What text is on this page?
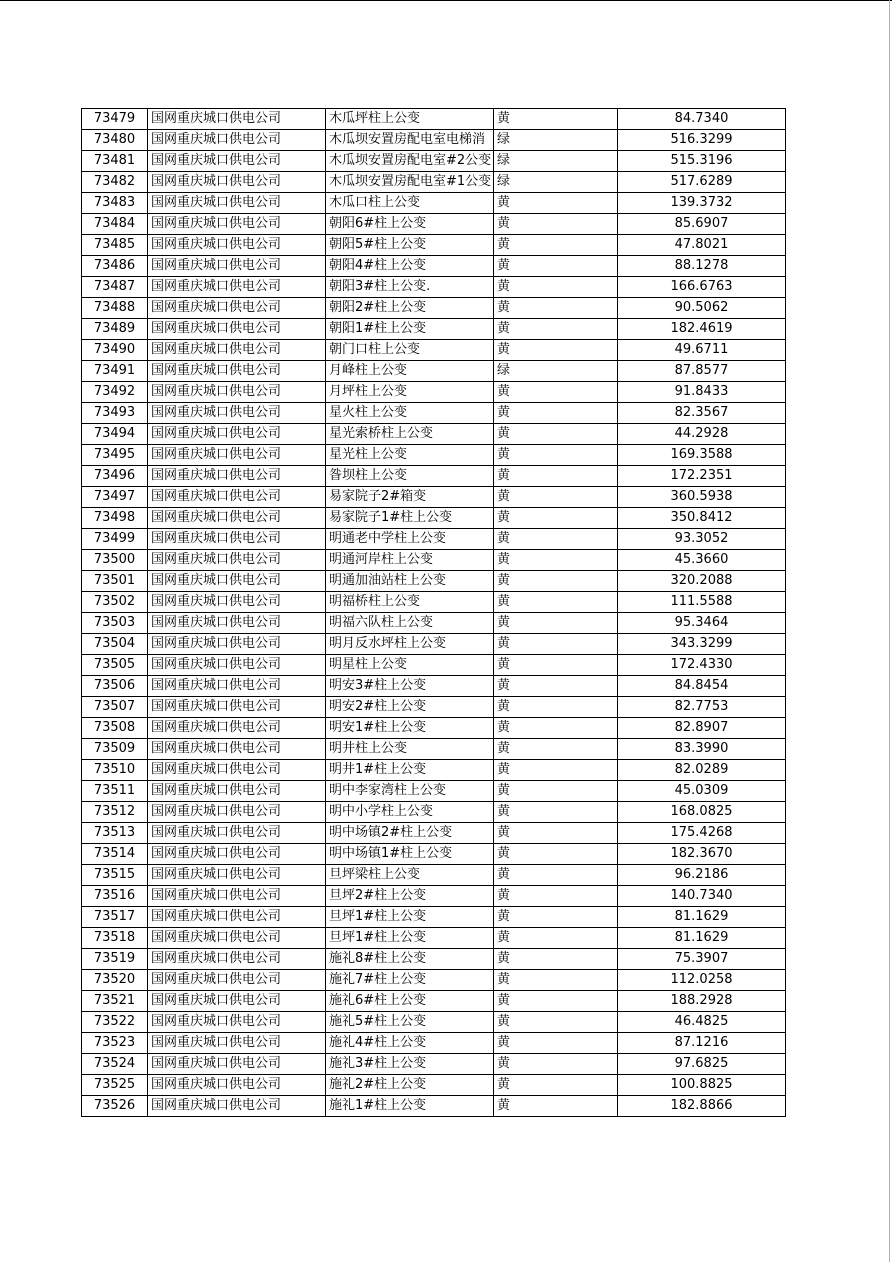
73479	国网重庆城口供电公司	木瓜坪柱上公变	黄	84.7340
73480	国网重庆城口供电公司	木瓜坝安置房配电室电梯消	绿	516.3299
73481	国网重庆城口供电公司	木瓜坝安置房配电室#2公变	绿	515.3196
73482	国网重庆城口供电公司	木瓜坝安置房配电室#1公变	绿	517.6289
73483	国网重庆城口供电公司	木瓜口柱上公变	黄	139.3732
73484	国网重庆城口供电公司	朝阳6#柱上公变	黄	85.6907
73485	国网重庆城口供电公司	朝阳5#柱上公变	黄	47.8021
73486	国网重庆城口供电公司	朝阳4#柱上公变	黄	88.1278
73487	国网重庆城口供电公司	朝阳3#柱上公变.	黄	166.6763
73488	国网重庆城口供电公司	朝阳2#柱上公变	黄	90.5062
73489	国网重庆城口供电公司	朝阳1#柱上公变	黄	182.4619
73490	国网重庆城口供电公司	朝门口柱上公变	黄	49.6711
73491	国网重庆城口供电公司	月峰柱上公变	绿	87.8577
73492	国网重庆城口供电公司	月坪柱上公变	黄	91.8433
73493	国网重庆城口供电公司	星火柱上公变	黄	82.3567
73494	国网重庆城口供电公司	星光索桥柱上公变	黄	44.2928
73495	国网重庆城口供电公司	星光柱上公变	黄	169.3588
73496	国网重庆城口供电公司	昝坝柱上公变	黄	172.2351
73497	国网重庆城口供电公司	易家院子2#箱变	黄	360.5938
73498	国网重庆城口供电公司	易家院子1#柱上公变	黄	350.8412
73499	国网重庆城口供电公司	明通老中学柱上公变	黄	93.3052
73500	国网重庆城口供电公司	明通河岸柱上公变	黄	45.3660
73501	国网重庆城口供电公司	明通加油站柱上公变	黄	320.2088
73502	国网重庆城口供电公司	明福桥柱上公变	黄	111.5588
73503	国网重庆城口供电公司	明福六队柱上公变	黄	95.3464
73504	国网重庆城口供电公司	明月反水坪柱上公变	黄	343.3299
73505	国网重庆城口供电公司	明星柱上公变	黄	172.4330
73506	国网重庆城口供电公司	明安3#柱上公变	黄	84.8454
73507	国网重庆城口供电公司	明安2#柱上公变	黄	82.7753
73508	国网重庆城口供电公司	明安1#柱上公变	黄	82.8907
73509	国网重庆城口供电公司	明井柱上公变	黄	83.3990
73510	国网重庆城口供电公司	明井1#柱上公变	黄	82.0289
73511	国网重庆城口供电公司	明中李家湾柱上公变	黄	45.0309
73512	国网重庆城口供电公司	明中小学柱上公变	黄	168.0825
73513	国网重庆城口供电公司	明中场镇2#柱上公变	黄	175.4268
73514	国网重庆城口供电公司	明中场镇1#柱上公变	黄	182.3670
73515	国网重庆城口供电公司	旦坪梁柱上公变	黄	96.2186
73516	国网重庆城口供电公司	旦坪2#柱上公变	黄	140.7340
73517	国网重庆城口供电公司	旦坪1#柱上公变	黄	81.1629
73518	国网重庆城口供电公司	旦坪1#柱上公变	黄	81.1629
73519	国网重庆城口供电公司	施礼8#柱上公变	黄	75.3907
73520	国网重庆城口供电公司	施礼7#柱上公变	黄	112.0258
73521	国网重庆城口供电公司	施礼6#柱上公变	黄	188.2928
73522	国网重庆城口供电公司	施礼5#柱上公变	黄	46.4825
73523	国网重庆城口供电公司	施礼4#柱上公变	黄	87.1216
73524	国网重庆城口供电公司	施礼3#柱上公变	黄	97.6825
73525	国网重庆城口供电公司	施礼2#柱上公变	黄	100.8825
73526	国网重庆城口供电公司	施礼1#柱上公变	黄	182.8866
